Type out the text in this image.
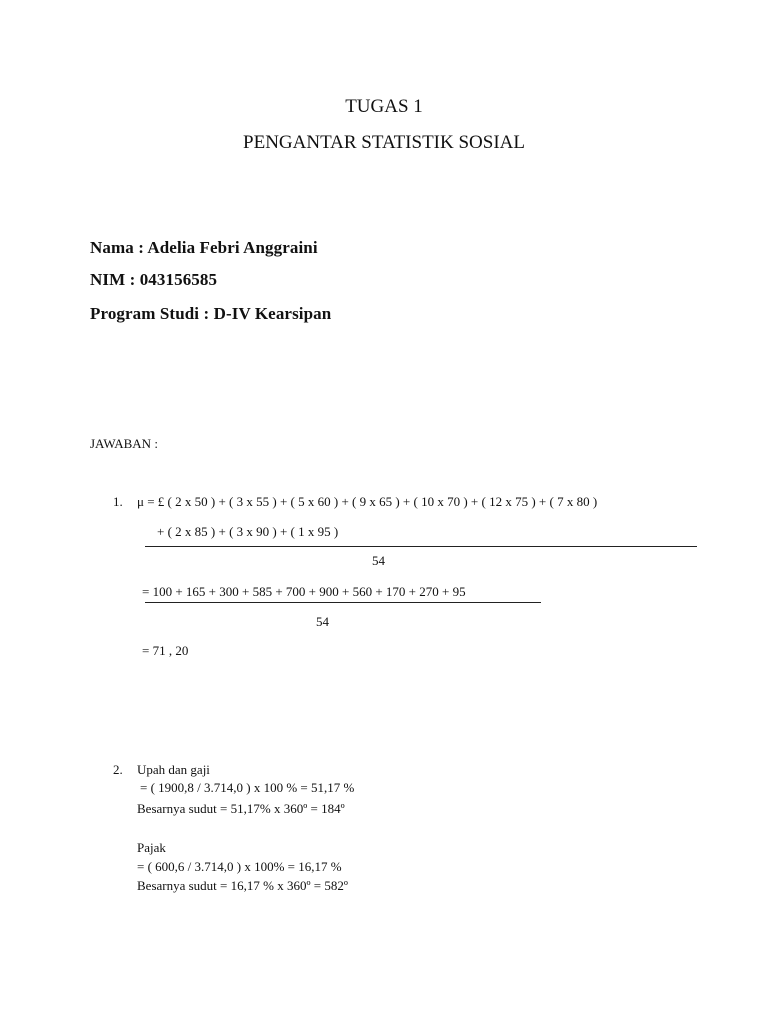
TUGAS 1
PENGANTAR STATISTIK SOSIAL
Nama : Adelia Febri Anggraini
NIM : 043156585
Program Studi : D-IV Kearsipan
JAWABAN :
1. μ = £ ( 2 x 50 ) + ( 3 x 55 ) + ( 5 x 60 ) + ( 9 x 65 ) + ( 10 x 70 ) + ( 12 x 75 ) + ( 7 x 80 )
+ ( 2 x 85 ) + ( 3 x 90 ) + ( 1 x 95 )
54
= 100 + 165 + 300 + 585 + 700 + 900 + 560 + 170 + 270 + 95
54
= 71 , 20
2. Upah dan gaji
= ( 1900,8 / 3.714,0 ) x 100 % = 51,17 %
Besarnya sudut = 51,17% x 360º = 184º
Pajak
= ( 600,6 / 3.714,0 ) x 100% = 16,17 %
Besarnya sudut = 16,17 % x 360º = 582º
